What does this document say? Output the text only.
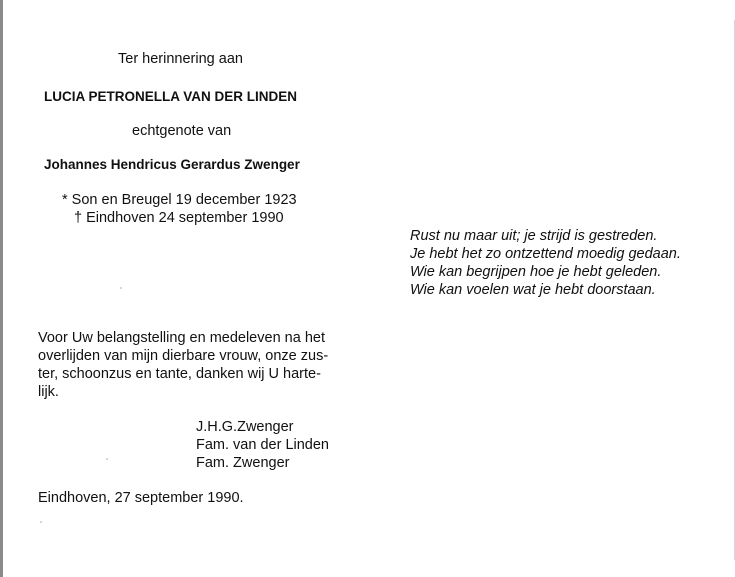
Ter herinnering aan
LUCIA PETRONELLA VAN DER LINDEN
echtgenote van
Johannes Hendricus Gerardus Zwenger
* Son en Breugel 19 december 1923
† Eindhoven 24 september 1990
Rust nu maar uit; je strijd is gestreden.
Je hebt het zo ontzettend moedig gedaan.
Wie kan begrijpen hoe je hebt geleden.
Wie kan voelen wat je hebt doorstaan.
Voor Uw belangstelling en medeleven na het
overlijden van mijn dierbare vrouw, onze zus-
ter, schoonzus en tante, danken wij U harte-
lijk.
J.H.G.Zwenger
Fam. van der Linden
Fam. Zwenger
Eindhoven, 27 september 1990.
